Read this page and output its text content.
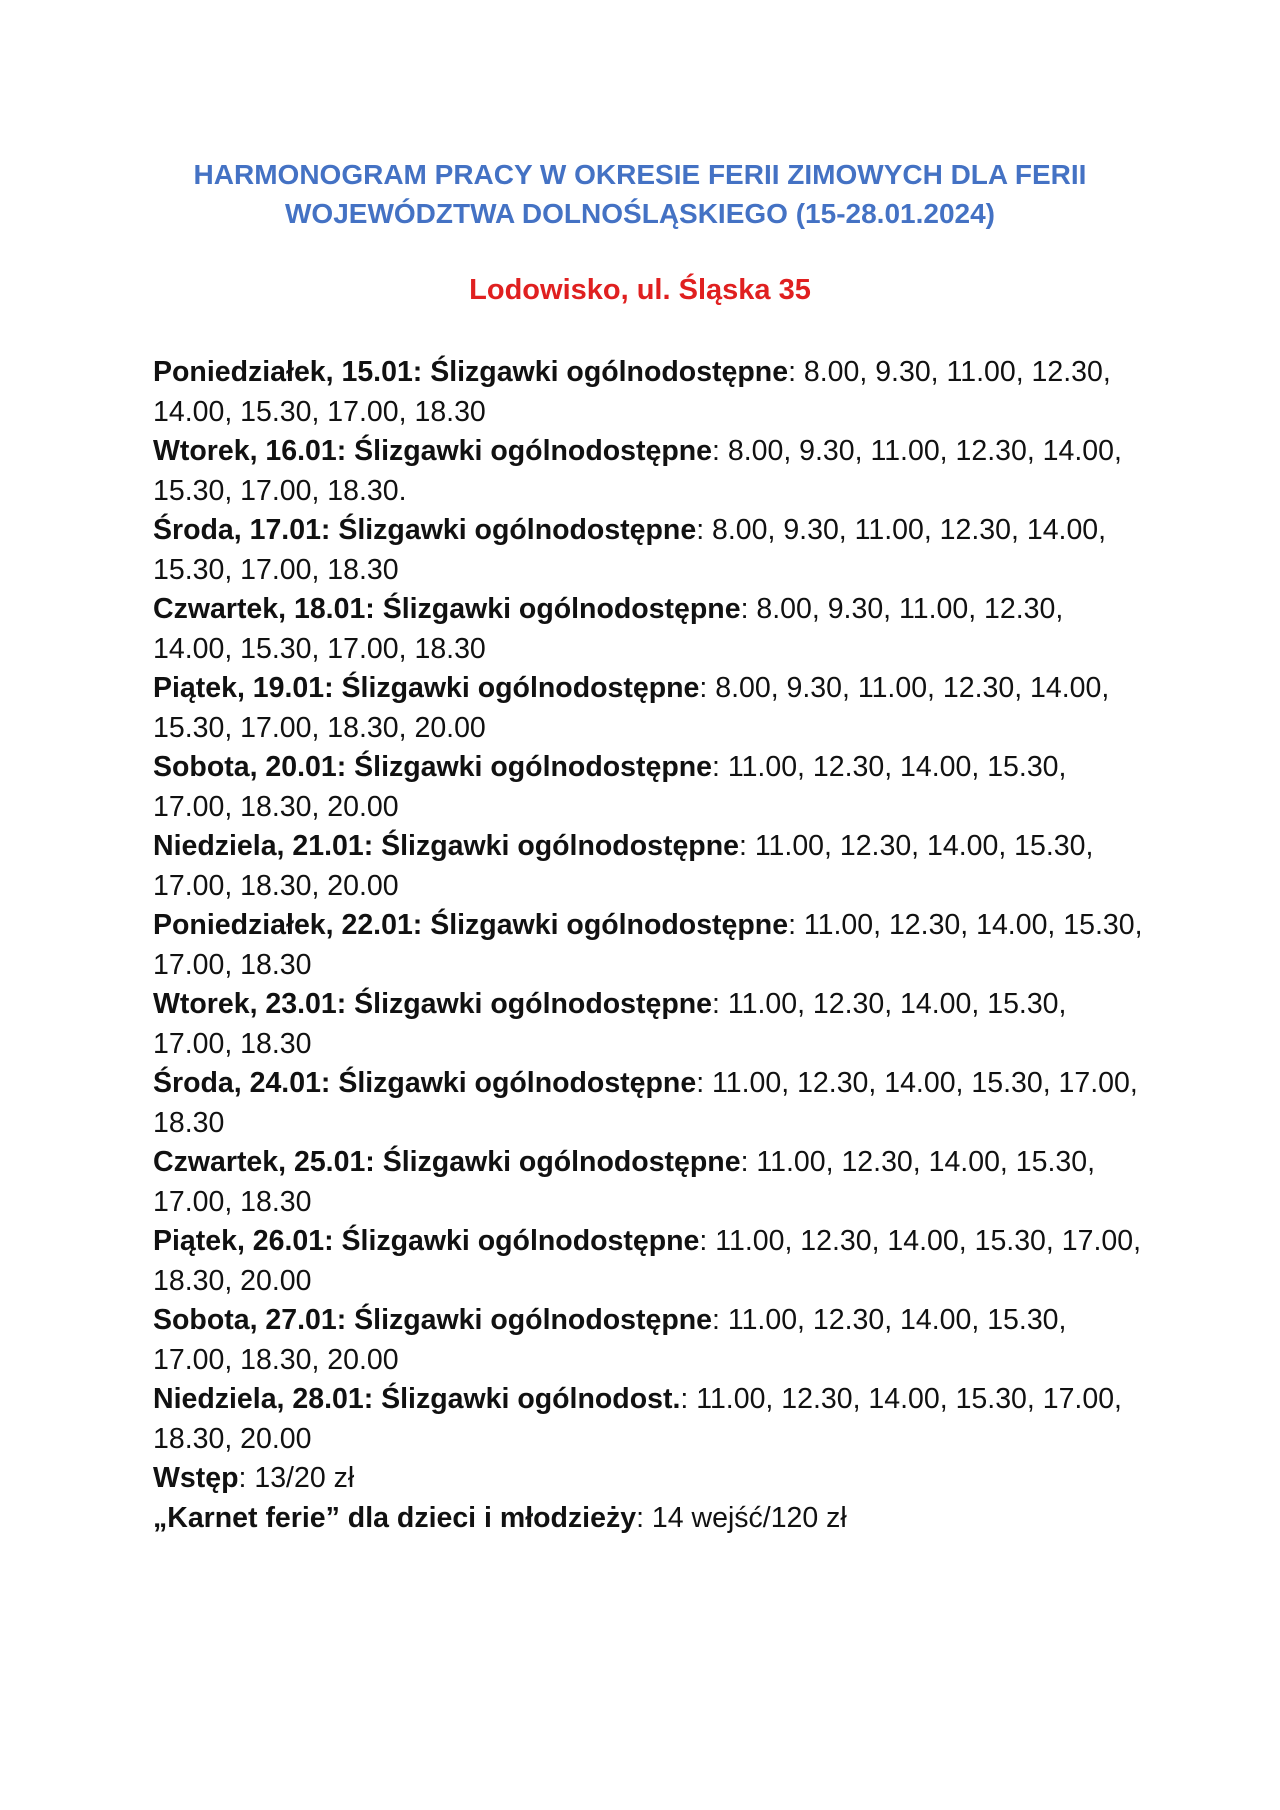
HARMONOGRAM PRACY W OKRESIE FERII ZIMOWYCH DLA FERII
WOJEWÓDZTWA DOLNOŚLĄSKIEGO (15-28.01.2024)
Lodowisko, ul. Śląska 35

Poniedziałek, 15.01: Ślizgawki ogólnodostępne: 8.00, 9.30, 11.00, 12.30, 14.00, 15.30, 17.00, 18.30

Wtorek, 16.01: Ślizgawki ogólnodostępne: 8.00, 9.30, 11.00, 12.30, 14.00, 15.30, 17.00, 18.30.

Środa, 17.01: Ślizgawki ogólnodostępne: 8.00, 9.30, 11.00, 12.30, 14.00, 15.30, 17.00, 18.30

Czwartek, 18.01: Ślizgawki ogólnodostępne: 8.00, 9.30, 11.00, 12.30, 14.00, 15.30, 17.00, 18.30

Piątek, 19.01: Ślizgawki ogólnodostępne: 8.00, 9.30, 11.00, 12.30, 14.00, 15.30, 17.00, 18.30, 20.00

Sobota, 20.01: Ślizgawki ogólnodostępne: 11.00, 12.30, 14.00, 15.30, 17.00, 18.30, 20.00

Niedziela, 21.01: Ślizgawki ogólnodostępne: 11.00, 12.30, 14.00, 15.30, 17.00, 18.30, 20.00

Poniedziałek, 22.01: Ślizgawki ogólnodostępne: 11.00, 12.30, 14.00, 15.30, 17.00, 18.30

Wtorek, 23.01: Ślizgawki ogólnodostępne: 11.00, 12.30, 14.00, 15.30, 17.00, 18.30

Środa, 24.01: Ślizgawki ogólnodostępne: 11.00, 12.30, 14.00, 15.30, 17.00, 18.30

Czwartek, 25.01: Ślizgawki ogólnodostępne: 11.00, 12.30, 14.00, 15.30, 17.00, 18.30

Piątek, 26.01: Ślizgawki ogólnodostępne: 11.00, 12.30, 14.00, 15.30, 17.00, 18.30, 20.00

Sobota, 27.01: Ślizgawki ogólnodostępne: 11.00, 12.30, 14.00, 15.30, 17.00, 18.30, 20.00

Niedziela, 28.01: Ślizgawki ogólnodost.: 11.00, 12.30, 14.00, 15.30, 17.00, 18.30, 20.00

Wstęp: 13/20 zł

„Karnet ferie” dla dzieci i młodzieży: 14 wejść/120 zł
